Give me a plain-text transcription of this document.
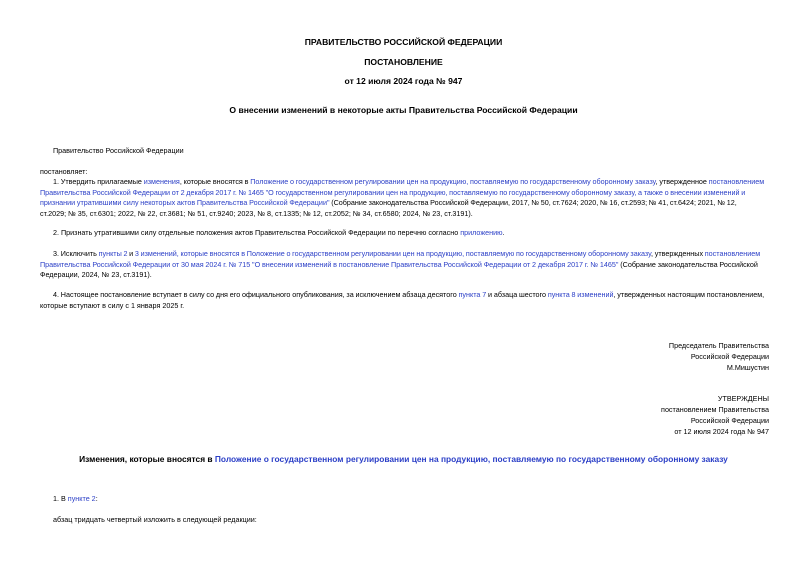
ПРАВИТЕЛЬСТВО РОССИЙСКОЙ ФЕДЕРАЦИИ
ПОСТАНОВЛЕНИЕ
от 12 июля 2024 года № 947
О внесении изменений в некоторые акты Правительства Российской Федерации
Правительство Российской Федерации
постановляет:
1. Утвердить прилагаемые изменения, которые вносятся в Положение о государственном регулировании цен на продукцию, поставляемую по государственному оборонному заказу, утвержденное постановлением
Правительства Российской Федерации от 2 декабря 2017 г. № 1465 "О государственном регулировании цен на продукцию, поставляемую по государственному оборонному заказу, а также о внесении изменений и
признании утратившими силу некоторых актов Правительства Российской Федерации" (Собрание законодательства Российской Федерации, 2017, № 50, ст.7624; 2020, № 16, ст.2593; № 41, ст.6424; 2021, № 12,
ст.2029; № 35, ст.6301; 2022, № 22, ст.3681; № 51, ст.9240; 2023, № 8, ст.1335; № 12, ст.2052; № 34, ст.6580; 2024, № 23, ст.3191).
2. Признать утратившими силу отдельные положения актов Правительства Российской Федерации по перечню согласно приложению.
3. Исключить пункты 2 и 3 изменений, которые вносятся в Положение о государственном регулировании цен на продукцию, поставляемую по государственному оборонному заказу, утвержденных постановлением
Правительства Российской Федерации от 30 мая 2024 г. № 715 "О внесении изменений в постановление Правительства Российской Федерации от 2 декабря 2017 г. № 1465" (Собрание законодательства Российской
Федерации, 2024, № 23, ст.3191).
4. Настоящее постановление вступает в силу со дня его официального опубликования, за исключением абзаца десятого пункта 7 и абзаца шестого пункта 8 изменений, утвержденных настоящим постановлением,
которые вступают в силу с 1 января 2025 г.
Председатель Правительства
Российской Федерации
М.Мишустин
УТВЕРЖДЕНЫ
постановлением Правительства
Российской Федерации
от 12 июля 2024 года № 947
Изменения, которые вносятся в Положение о государственном регулировании цен на продукцию, поставляемую по государственному оборонному заказу
1. В пункте 2:
абзац тридцать четвертый изложить в следующей редакции:
